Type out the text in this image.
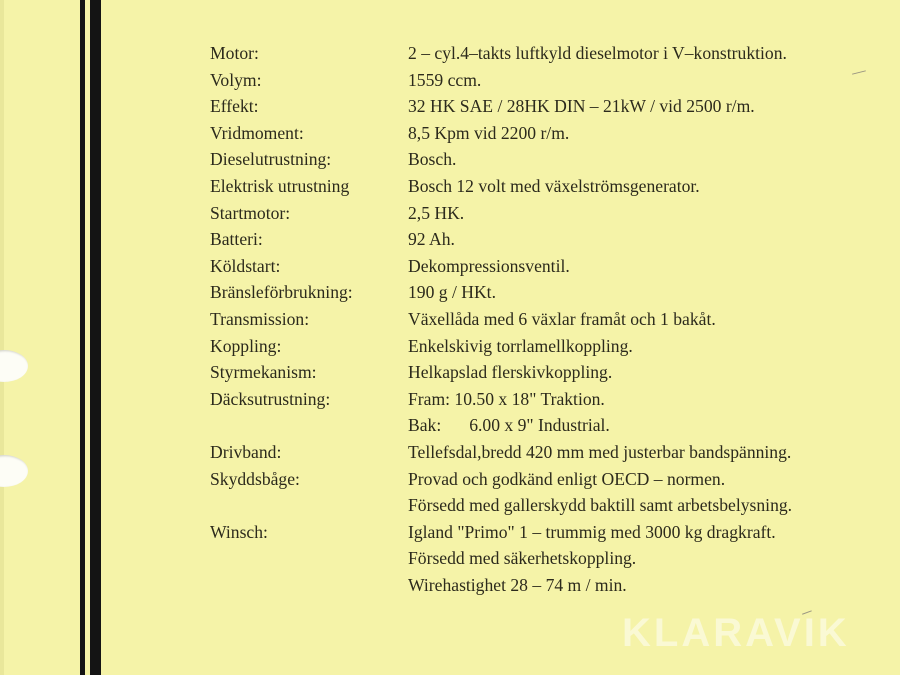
Motor:	2 – cyl.4–takts luftkyld dieselmotor i V–konstruktion.
Volym:	1559 ccm.
Effekt:	32 HK SAE / 28HK DIN – 21kW / vid 2500 r/m.
Vridmoment:	8,5 Kpm vid 2200 r/m.
Dieselutrustning:	Bosch.
Elektrisk utrustning	Bosch 12 volt med växelströmsgenerator.
Startmotor:	2,5 HK.
Batteri:	92 Ah.
Köldstart:	Dekompressionsventil.
Bränsleförbrukning:	190 g / HKt.
Transmission:	Växellåda med 6 växlar framåt och 1 bakåt.
Koppling:	Enkelskivig torrlamellkoppling.
Styrmekanism:	Helkapslad flerskivkoppling.
Däcksutrustning:	Fram: 10.50 x 18" Traktion.
Bak: 6.00 x 9" Industrial.
Drivband:	Tellefsdal,bredd 420 mm med justerbar bandspänning.
Skyddsbåge:	Provad och godkänd enligt OECD – normen.
Försedd med gallerskydd baktill samt arbetsbelysning.
Winsch:	Igland "Primo" 1 – trummig med 3000 kg dragkraft.
Försedd med säkerhetskoppling.
Wirehastighet 28 – 74 m / min.
KLARAVIK
